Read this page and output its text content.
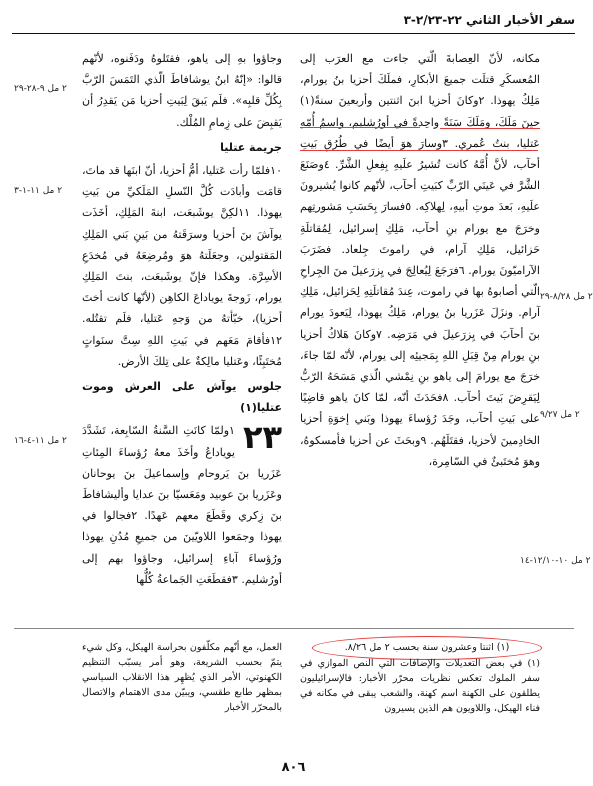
سفر الأخبار الثاني ٢٢-٢/٢٣-٣

مكانه، لأنّ العِصابةَ الّتي جاءت مع العرَب إلى المُعسكَرِ قتلَت جميعَ الأبكارِ، فملَكَ أحزيا بنُ يورام، مَلِكُ يهوذا. ٢وكانَ أحزيا ابنَ اثنتين وأربعينَ سنةً(١) حينَ مَلَكَ، ومَلَكَ سَنَةً واحِدةً في أورُشليم، واسمُ أُمّهِ عَتليا، بنتُ عُمري. ٣وسارَ هوَ أيضًا في طُرُقِ بَيتِ أحآب، لأنَّ أُمَّهُ كانت تُشيرُ علَيهِ بِفِعلِ الشَّرِّ. ٤وصَنَعَ الشَّرَّ في عَينَي الرّبِّ كبَيتِ أحآب، لأنّهم كانوا يُشيرونَ علَيهِ، بَعدَ موتِ أبيهِ، لِهلاكِه. ٥فسارَ بِحَسَبِ مَشورتِهم وخرَجَ مع يورام بنِ أحآب، مَلِكِ إسرائيل، لِمُقاتلَةِ حَزائيل، مَلِكِ آرام، في راموتَ جِلعاد. فضَرَبَ الآراميّونَ يورام. ٦فرَجَعَ لِيُعالِجَ في يِزرَعيلَ منَ الجِراحِ الّتي أصابوهُ بها في راموت، عِندَ مُقاتلَتِهِ لِحَزائيل، مَلِكِ آرام. ونزَلَ عَزَريا بنُ يورام، مَلِكُ يهوذا، لِيَعودَ يورام بنَ أحآبَ في يِزرَعيلَ في مَرَضِه. ٧وكانَ هَلاكُ أحزيا بنِ يورام مِنْ قِبَلِ اللهِ بِمَجيئِه إلى يورام، لأنّه لمّا جاءَ، خرَجَ مع يورامَ إلى ياهو بنِ نِمْشي الّذي مَسَحَهُ الرّبُّ لِيَقرِضَ بَيتَ أحآب. ٨فحَدَثَ أنّه، لمّا كانَ ياهو قاضِيًا على بَيتِ أحآب، وجَدَ رُؤساءَ يهوذا وبَني إخوَةِ أحزيا الخادِمينَ لأحزيا، فقتَلَهُم. ٩وبحَثَ عن أحزيا فأمسكوهُ، وهوَ مُختَبئٌ في السّامِرة،

وجاؤوا بهِ إلى ياهو، فقتَلوهُ ودَفَنوه، لأنّهم قالوا: «إنّهُ ابنُ يوشافاطَ الّذي التَمَسَ الرّبَّ بِكُلِّ قلبِه». فلَم يَبقَ لِبَيتِ أحزيا مَن يَقدِرُ أن يَقبِضَ على زِمامِ المُلْك.

جريمة عتليا

١٠فلمّا رأت عَتليا، أمُّ أحزيا، أنّ ابنَها قد ماتَ، قامَت وأبادَت كُلَّ النّسلِ المَلَكيِّ من بَيتِ يهوذا. ١١لكِنَّ يوشَبعَت، ابنةَ المَلِكِ، أخَذَت يوآشَ بنَ أحزيا وسرَقَتهُ من بَينِ بَني المَلِكِ المَقتولين، وجعَلَتهُ هوَ ومُرضِعَهُ في مُخدَعِ الأسِرَّة. وهكذا فإنّ يوشَبعَت، بنتَ المَلِكِ يورام، زَوجةَ يوياداعَ الكاهِن (لأنّها كانت أختَ أحزيا)، خبّأتهُ من وَجهِ عَتليا، فلَم تقتُله. ١٢فأقامَ مَعَهم في بَيتِ اللهِ سِتَّ سنَواتٍ مُختَبِئًا، وعَتليا مالِكةٌ على تِلكَ الأرض.

جلوس يوآش على العرش وموت عتليا(١)

٢٣
١ولمّا كانَتِ السَّنةُ السّابِعة، تَشَدَّدَ يوياداعُ وأخَذَ معهُ رُؤساءَ المِئاتِ عَزَريا بنَ يَروحام وإسماعيلَ بنَ يوحانان وعَزَريا بنَ عوبيد ومَعَسيّا بنَ عدايا وأليشافاطَ بنَ زِكري وقَطَعَ معهم عَهدًا. ٢فجالوا في يهوذا وجمَعوا اللاويّينَ من جميعِ مُدُنِ يهوذا ورُؤساءَ آباءِ إسرائيل، وجاؤوا بهم إلى أورُشليم. ٣فقطَعَتِ الجَماعةُ كُلُّها

٢ مل ٩-٢٨-٢٩
٢ مل ١١-١-٣
٢ مل ١١-٤-١٦
٢ مل ٨/٢٨-٢٩
٢ مل ٩/٢٧
٢ مل ١٠-١٢/١٠-١٤
(١) اثنتا وعشرون سنة بحسب ٢ مل ٨/٢٦.
(١) في بعض التعديلات والإضافات التي النص الموازي في سفر الملوك تعكس نظريات محرّر الأخبار: فالإسرائيليون يطلقون على الكهنة اسم كهنة، والشعب يبقى في مكانه في فناء الهيكل، واللاويون هم الذين يسيرون
العمل، مع أنّهم مكلّفون بحراسة الهيكل، وكل شيء يتمّ بحسب الشريعة، وهو أمر يسبّب التنظيم الكهنوتي، الأمر الذي يُظهِر هذا الانقلاب السياسي بمظهر طابع طقسي، ويبيّن مدى الاهتمام والاتصال بالمحرّر الأخبار
٨٠٦
